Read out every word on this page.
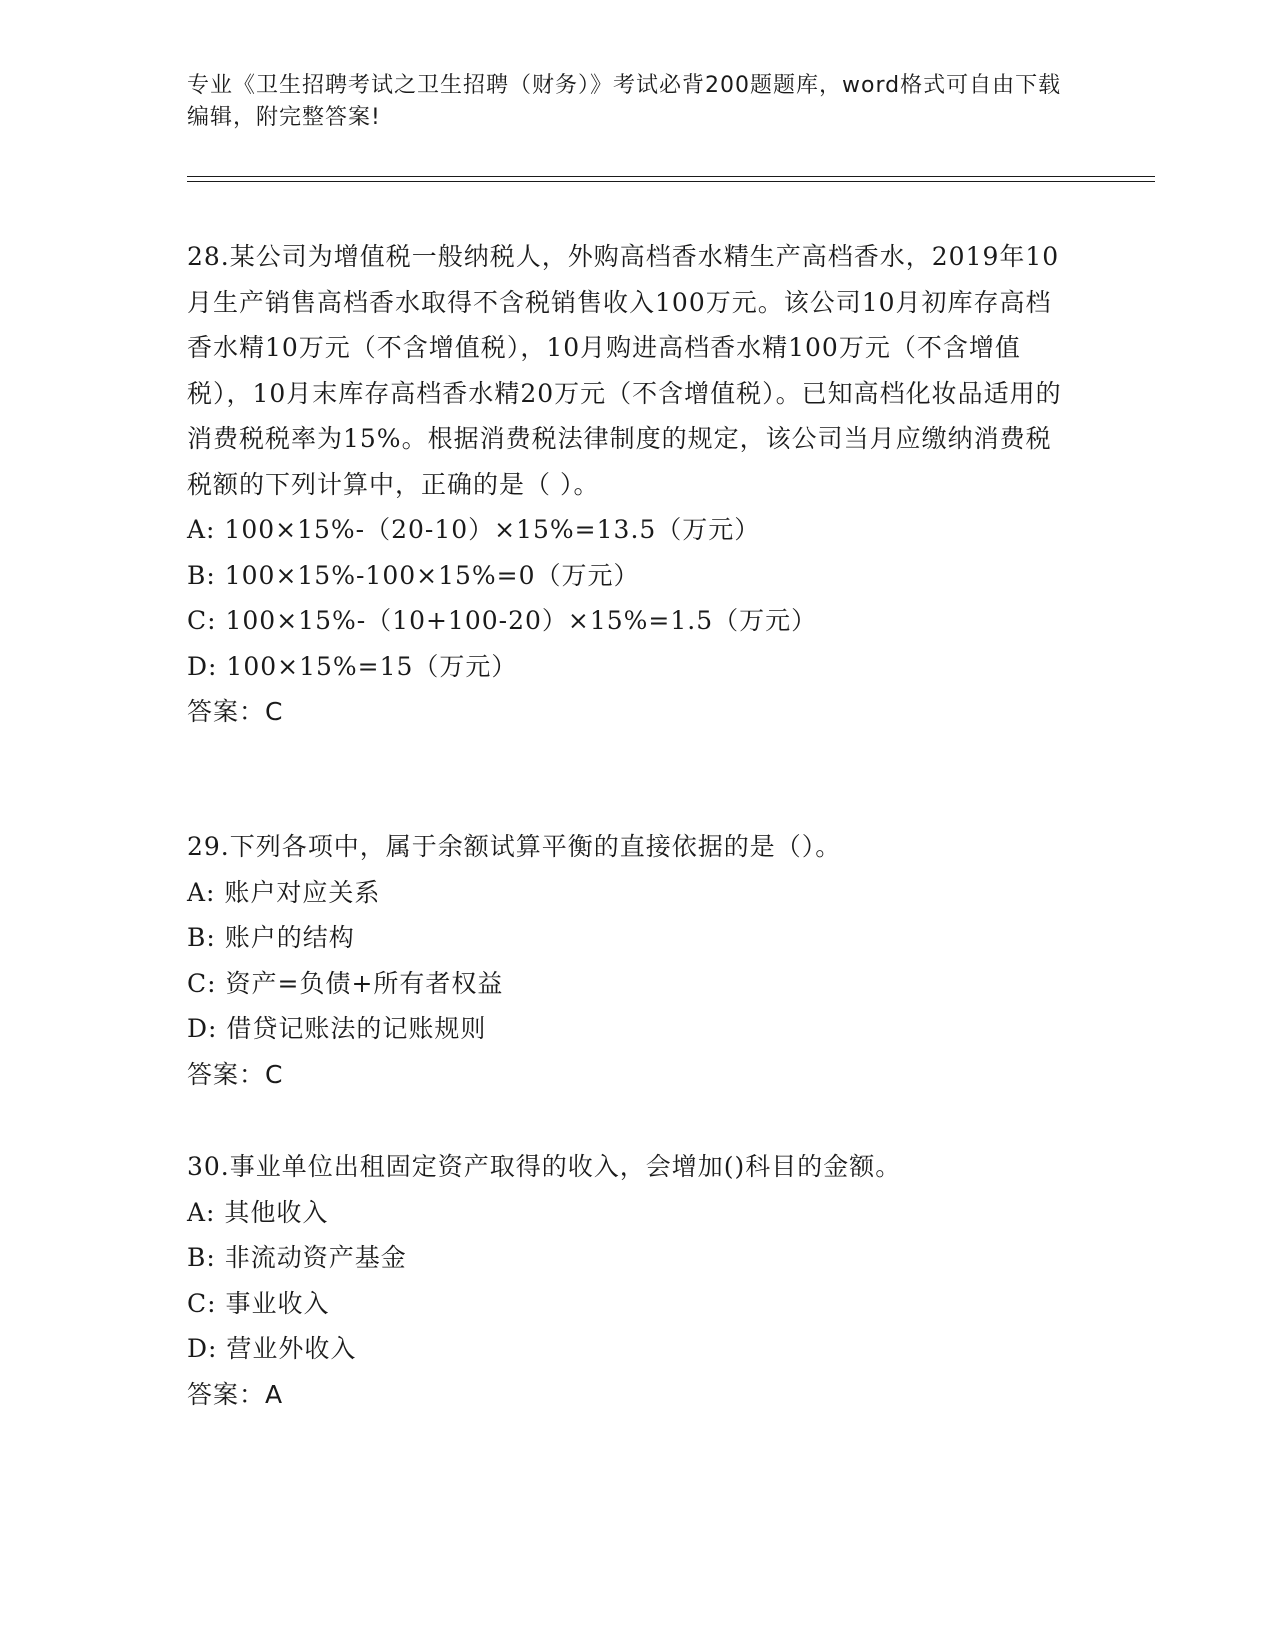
专业《卫生招聘考试之卫生招聘（财务）》考试必背200题题库，word格式可自由下载编辑，附完整答案!

28.某公司为增值税一般纳税人，外购高档香水精生产高档香水，2019年10月生产销售高档香水取得不含税销售收入100万元。该公司10月初库存高档香水精10万元（不含增值税），10月购进高档香水精100万元（不含增值税），10月末库存高档香水精20万元（不含增值税）。已知高档化妆品适用的消费税税率为15%。根据消费税法律制度的规定，该公司当月应缴纳消费税税额的下列计算中，正确的是（ ）。

A: 100×15%-（20-10）×15%=13.5（万元）

B: 100×15%-100×15%=0（万元）

C: 100×15%-（10+100-20）×15%=1.5（万元）

D: 100×15%=15（万元）

答案：C

29.下列各项中，属于余额试算平衡的直接依据的是（）。

A: 账户对应关系

B: 账户的结构

C: 资产=负债+所有者权益

D: 借贷记账法的记账规则

答案：C

30.事业单位出租固定资产取得的收入，会增加()科目的金额。

A: 其他收入

B: 非流动资产基金

C: 事业收入

D: 营业外收入

答案：A
